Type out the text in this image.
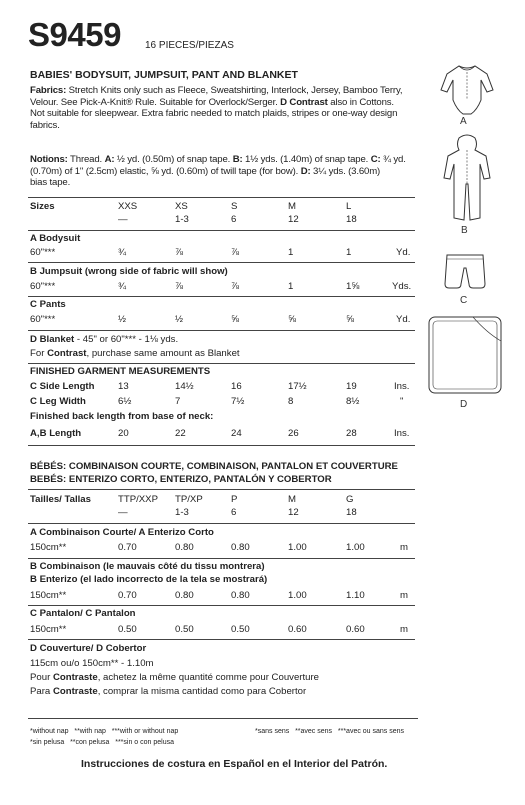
S9459 16 PIECES/PIEZAS
BABIES' BODYSUIT, JUMPSUIT, PANT AND BLANKET
Fabrics: Stretch Knits only such as Fleece, Sweatshirting, Interlock, Jersey, Bamboo Terry,
Velour. See Pick-A-Knit® Rule. Suitable for Overlock/Serger. D Contrast also in Cottons.
Not suitable for sleepwear. Extra fabric needed to match plaids, stripes or one-way design
fabrics.
Notions: Thread. A: ½ yd. (0.50m) of snap tape. B: 1½ yds. (1.40m) of snap tape. C: ¾ yd.
(0.70m) of 1" (2.5cm) elastic, ⅝ yd. (0.60m) of twill tape (for bow). D: 3¼ yds. (3.60m)
bias tape.
Sizes	XXS	XS	S	M	L
—	1-3	6	12	18
A Bodysuit
60"***	¾	⅞	⅞	1	1	Yd.
B Jumpsuit (wrong side of fabric will show)
60"***	¾	⅞	⅞	1	1⅝	Yds.
C Pants
60"***	½	½	⅝	⅝	⅝	Yd.
D Blanket - 45" or 60"*** - 1⅛ yds.
For Contrast, purchase same amount as Blanket
FINISHED GARMENT MEASUREMENTS
C Side Length 13	14½	16	17½	19	Ins.
C Leg Width	6½	7	7½	8	8½	"
Finished back length from base of neck:
A,B Length	20	22	24	26	28	Ins.
BÉBÉS: COMBINAISON COURTE, COMBINAISON, PANTALON ET COUVERTURE
BEBÉS: ENTERIZO CORTO, ENTERIZO, PANTALÓN Y COBERTOR
Tailles/ Tallas	TTP/XXP TP/XP	P	M	G
—	1-3	6	12	18
A Combinaison Courte/ A Enterizo Corto
150cm**	0.70	0.80	0.80	1.00	1.00	m
B Combinaison (le mauvais côté du tissu montrera)
B Enterizo (el lado incorrecto de la tela se mostrará)
150cm**	0.70	0.80	0.80	1.00	1.10	m
C Pantalon/ C Pantalon
150cm**	0.50	0.50	0.50	0.60	0.60	m
D Couverture/ D Cobertor
115cm ou/o 150cm** - 1.10m
Pour Contraste, achetez la même quantité comme pour Couverture
Para Contraste, comprar la misma cantidad como para Cobertor
*without nap   **with nap   ***with or without nap
*sin pelusa   **con pelusa   ***sin o con pelusa
*sans sens   **avec sens   ***avec ou sans sens
Instrucciones de costura en Español en el Interior del Patrón.
A
B
C
D
